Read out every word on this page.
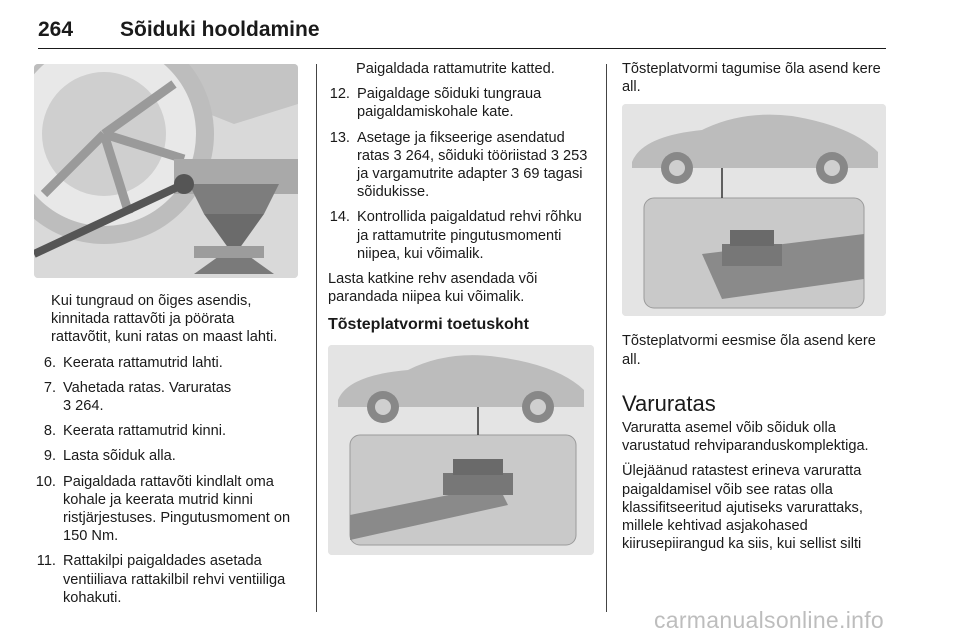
264 Sõiduki hooldamine

Kui tungraud on õiges asendis, kinnitada rattavõti ja pöörata rattavõtit, kuni ratas on maast lahti.

6. Keerata rattamutrid lahti.
7. Vahetada ratas. Varuratas
3 264.
8. Keerata rattamutrid kinni.
9. Lasta sõiduk alla.
10. Paigaldada rattavõti kindlalt oma kohale ja keerata mutrid kinni ristjärjestuses. Pingutusmoment on 150 Nm.
11. Rattakilpi paigaldades asetada ventiiliava rattakilbil rehvi ventiiliga kohakuti.

Paigaldada rattamutrite katted.

12. Paigaldage sõiduki tungraua paigaldamiskohale kate.
13. Asetage ja fikseerige asendatud ratas 3 264, sõiduki tööriistad 3 253 ja vargamutrite adapter 3 69 tagasi sõidukisse.
14. Kontrollida paigaldatud rehvi rõhku ja rattamutrite pingutusmomenti niipea, kui võimalik.

Lasta katkine rehv asendada või parandada niipea kui võimalik.

Tõsteplatvormi toetuskoht

Tõsteplatvormi tagumise õla asend kere all.

Tõsteplatvormi eesmise õla asend kere all.

Varuratas

Varuratta asemel võib sõiduk olla varustatud rehviparanduskomplektiga.

Ülejäänud ratastest erineva varuratta paigaldamisel võib see ratas olla klassifitseeritud ajutiseks varurattaks, millele kehtivad asjakohased kiirusepiirangud ka siis, kui sellist silti

carmanualsonline.info
